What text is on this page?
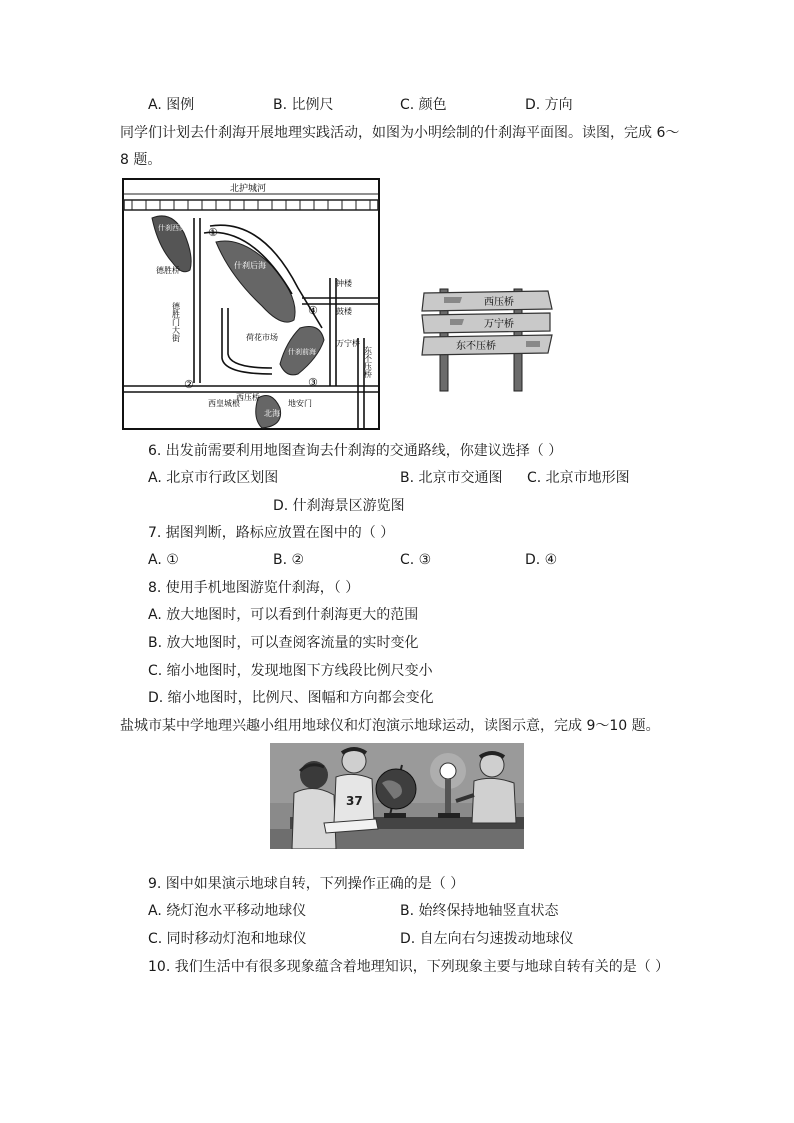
A. 图例	B. 比例尺	C. 颜色	D. 方向
同学们计划去什刹海开展地理实践活动，如图为小明绘制的什刹海平面图。读图，完成 6～
8 题。
北护城河
①
②	③
④
德胜桥
德胜门大街	荷花市场
钟楼
鼓楼
万宁桥
东不压桥
西皇城根
西压桥
地安门
北海
什刹西海
什刹后海
什刹前海
西压桥
万宁桥
东不压桥
6. 出发前需要利用地图查询去什刹海的交通路线，你建议选择（ ）
A. 北京市行政区划图	B. 北京市交通图 C. 北京市地形图
D. 什刹海景区游览图
7. 据图判断，路标应放置在图中的（ ）
A. ①	B. ②	C. ③	D. ④
8. 使用手机地图游览什刹海，（ ）
A. 放大地图时，可以看到什刹海更大的范围
B. 放大地图时，可以查阅客流量的实时变化
C. 缩小地图时，发现地图下方线段比例尺变小
D. 缩小地图时，比例尺、图幅和方向都会变化
盐城市某中学地理兴趣小组用地球仪和灯泡演示地球运动，读图示意，完成 9～10 题。
37
9. 图中如果演示地球自转，下列操作正确的是（ ）
A. 绕灯泡水平移动地球仪	B. 始终保持地轴竖直状态
C. 同时移动灯泡和地球仪	D. 自左向右匀速拨动地球仪
10. 我们生活中有很多现象蕴含着地理知识，下列现象主要与地球自转有关的是（ ）
